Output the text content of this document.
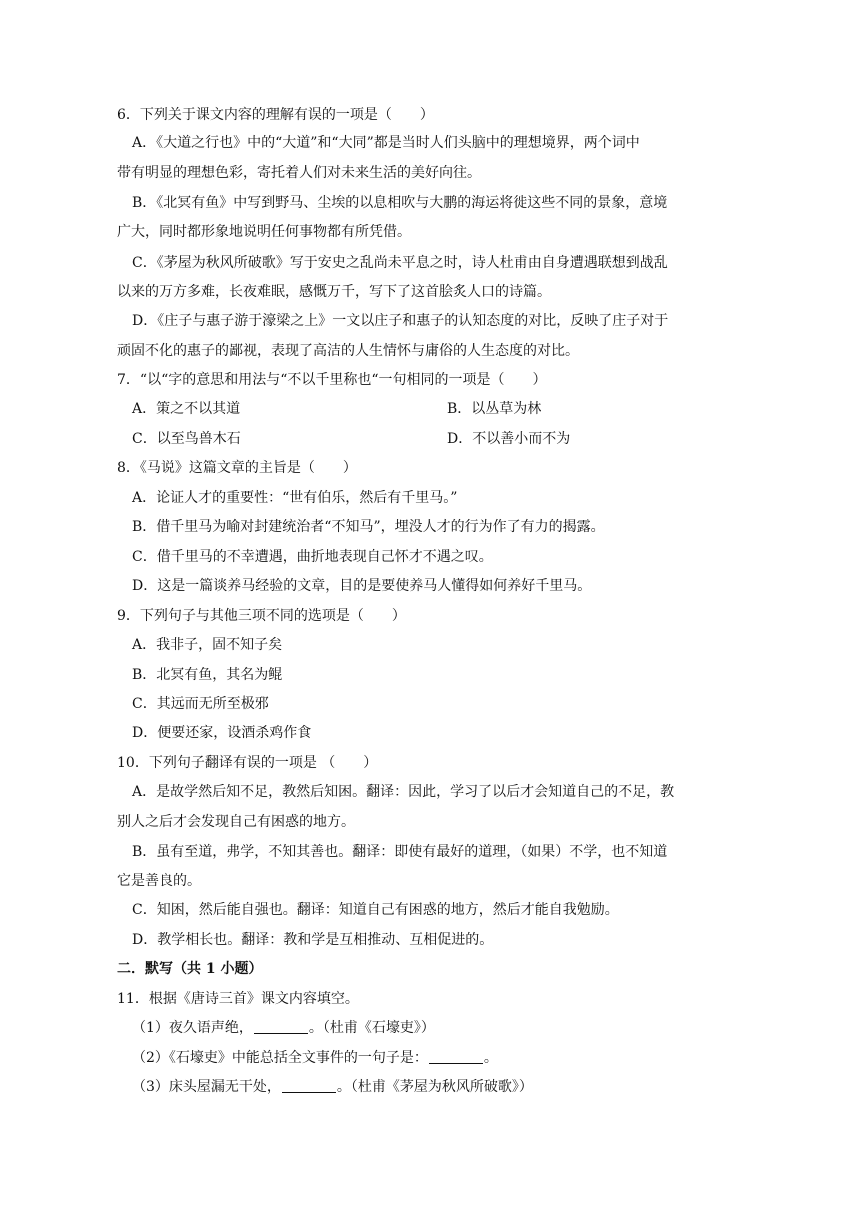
6．下列关于课文内容的理解有误的一项是（　　）
A．《大道之行也》中的“大道”和“大同”都是当时人们头脑中的理想境界，两个词中
带有明显的理想色彩，寄托着人们对未来生活的美好向往。
B．《北冥有鱼》中写到野马、尘埃的以息相吹与大鹏的海运将徙这些不同的景象，意境
广大，同时都形象地说明任何事物都有所凭借。
C．《茅屋为秋风所破歌》写于安史之乱尚未平息之时，诗人杜甫由自身遭遇联想到战乱
以来的万方多难，长夜难眠，感慨万千，写下了这首脍炙人口的诗篇。
D．《庄子与惠子游于濠梁之上》一文以庄子和惠子的认知态度的对比，反映了庄子对于
顽固不化的惠子的鄙视，表现了高洁的人生情怀与庸俗的人生态度的对比。
7．“以“字的意思和用法与“不以千里称也“一句相同的一项是（　　）
A．策之不以其道	B．以丛草为林
C．以至鸟兽木石	D．不以善小而不为
8．《马说》这篇文章的主旨是（　　）
A．论证人才的重要性：“世有伯乐，然后有千里马。”
B．借千里马为喻对封建统治者“不知马”，埋没人才的行为作了有力的揭露。
C．借千里马的不幸遭遇，曲折地表现自己怀才不遇之叹。
D．这是一篇谈养马经验的文章，目的是要使养马人懂得如何养好千里马。
9．下列句子与其他三项不同的选项是（　　）
A．我非子，固不知子矣
B．北冥有鱼，其名为鲲
C．其远而无所至极邪
D．便要还家，设酒杀鸡作食
10．下列句子翻译有误的一项是 （　　）
A．是故学然后知不足，教然后知困。翻译：因此，学习了以后才会知道自己的不足，教
别人之后才会发现自己有困惑的地方。
B．虽有至道，弗学，不知其善也。翻译：即使有最好的道理，（如果）不学，也不知道
它是善良的。
C．知困，然后能自强也。翻译：知道自己有困惑的地方，然后才能自我勉励。
D．教学相长也。翻译：教和学是互相推动、互相促进的。
二．默写（共 1 小题）
11．根据《唐诗三首》课文内容填空。
（1）夜久语声绝，	。（杜甫《石壕吏》）
（2）《石壕吏》中能总括全文事件的一句子是：	。
（3）床头屋漏无干处，	。（杜甫《茅屋为秋风所破歌》）
